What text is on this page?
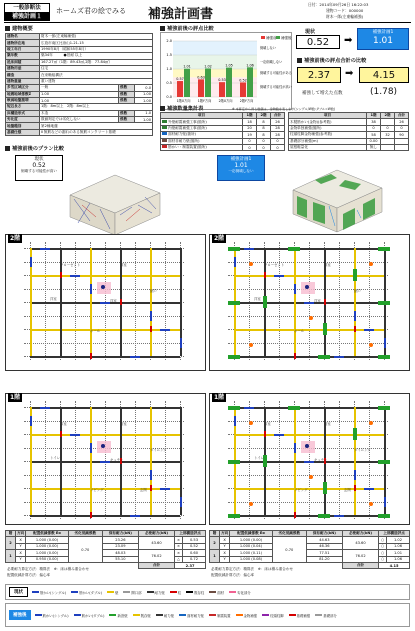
一般診断法
補強計画１
ホームズ君の絵でみる 補強計画書
日付：2014年09月26日 16:22:03
建物コード：000000
財木一郎(左東輪補強)
建物概要
建物名	財木一郎(左東輪補強)		
建物所在地	広島市南区比治山1-21-15		
竣工年月	1990年8月（昭和55年8月）		
築年数	築34年　　　●旧耐 以上		
延床面積	167.27㎡（1階：89.43㎡,2階：77.84㎡）		
建物用途	住宅		
構造	在来軸組構法		
建物重量	重い建物		
多雪区域区分	一般	係数	0.0
地震地域係数Z	1.00	係数	1.00
軟弱地盤割増	1.00	係数	1.00
短辺長さ	1階：8m以上　2階：8m以上		
床構造形式	木造	係数	1.0
劣化度	数値判定では劣化しない	係数	1.00
地盤種別	第2種地盤		
基礎仕様	Ⅱ 無筋などの割れのある無筋コンクリート基礎		
補強前後の評点比較
2.0
1.5
1.0
0.5
0.0
0.57
1.01
1階X方向
0.63
1.02
1階Y方向
0.53
1.05
2階X方向
0.52
1.06
2階Y方向
補強前 補強後
倒壊しない
一応倒壊しない
倒壊する可能性がある
倒壊する可能性が高い
現状
0.52	➡
補強計画1
1.01
補強前後の評点合計の比較
2.37	➡	4.15
補強して増えた点数	(1.78)
補強数量集計表	※ 本算定から得る数値は、金物数を表します(シングル/W数:ダブル=W数)
項目	1階	2階	合計
外壁耐震補強工事(箇所)	18	8	26
内壁耐震補強工事(箇所)	20	8	28
面材耐力壁(箇所)	19	8	28
面材非耐力壁(箇所)	0	0	0
筋かい・制震装置(箇所)	0	0	0
項目	1階	2階	合計
木製筋かい(金物)(参考数)	38		26
金物単独補強(箇所)	0	0	0
柱頭柱脚金物補強(参考数)	58	32	90
基礎部分補強(m)	0.00		
屋根軽量化	無し		
補強前後のプラン比較
現状
0.52
倒壊する可能性が高い
補強計画1
1.01
一応倒壊しない
2階	2階
1階	1階
クローゼット	洋室
洋室	洋室
納戸
ホール
クローゼット	洋室
洋室	洋室
納戸
ホール
和室	浴室
トイレ	キッチン
ダイニング
リビング	玄関
和室	浴室
トイレ	キッチン
ダイニング
リビング	玄関
階	方向	配置低減係数 Eo	劣化低減係数	保有耐力(kN)	必要耐力(kN)	上部構造評点	
2	X	1.000 (0.00)	0.70	23.26	43.60	×	0.53
	Y	1.000 (0.00)		23.09		×	0.52
1	X	1.000 (0.00)		48.03	76.02	×	0.60
	Y	0.950 (0.00)		55.10		△	0.72
					合計	2.37	
階	方向	配置低減係数 Eo	劣化低減係数	保有耐力(kN)	必要耐力(kN)	上部構造評点	
2	X	1.000 (0.00)	0.70	44.63	43.60	○	1.02
	Y	1.000 (0.04)		46.36		○	1.06
1	X	1.000 (0.11)		77.51	76.02	○	1.01
	Y	1.000 (0.08)		81.20		○	1.06
					合計	4.15	
必要耐力算定方法：精算法　※：床は積み重合わせ
配置低減計算方法：偏心率
必要耐力算定方法：精算法　※：床は積み重合わせ
配置低減計算方法：偏心率
現状	筋かい(シングル)	筋かい(ダブル)	壁	開口部	耐力壁	柱	既存柱	面材	劣化部分
補強後	筋かい(シングル)	筋かい(ダブル)	新設壁	既存壁	耐力壁	面材耐力壁	制震装置	金物補強	柱頭柱脚	基礎補強	基礎部分
